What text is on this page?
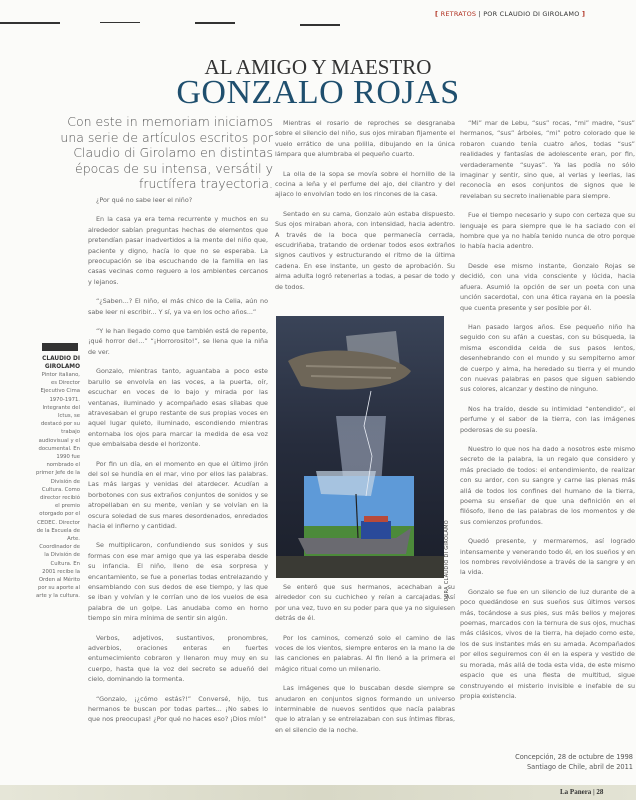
[ RETRATOS | POR CLAUDIO DI GIROLAMO ]
AL AMIGO Y MAESTRO
GONZALO ROJAS
Con este in memoriam iniciamos una serie de artículos escritos por Claudio di Girolamo en distintas épocas de su intensa, versátil y fructífera trayectoria.

¿Por qué no sabe leer el niño?

En la casa ya era tema recurrente y muchos en su alrededor sabían preguntas hechas de elementos que pretendían pasar inadvertidos a la mente del niño que, paciente y digno, hacía lo que no se esperaba. La preocupación se iba escuchando de la familia en las casas vecinas como reguero a los ambientes cercanos y lejanos.

“¿Saben...? El niño, el más chico de la Celia, aún no sabe leer ni escribir... Y sí, ya va en los ocho años...”

“Y le han llegado como que también está de repente, ¡qué horror de!...” “¡Horrorosito!”, se llena que la niña de ver.

Gonzalo, mientras tanto, aguantaba a poco este barullo se envolvía en las voces, a la puerta, oír, escuchar en voces de lo bajo y mirada por las ventanas, iluminado y acompañado esas sílabas que atravesaban el grupo restante de sus propias voces en aquel lugar quieto, iluminado, escondiendo mientras entornaba los ojos para marcar la medida de esa voz que embalsaba desde el horizonte.

Por fin un día, en el momento en que el último jirón del sol se hundía en el mar, vino por ellos las palabras. Las más largas y venidas del atardecer. Acudían a borbotones con sus extraños conjuntos de sonidos y se atropellaban en su mente, venían y se volvían en la oscura soledad de sus mares desordenados, enredados hacia el infierno y cantidad.

Se multiplicaron, confundiendo sus sonidos y sus formas con ese mar amigo que ya las esperaba desde su infancia. El niño, lleno de esa sorpresa y encantamiento, se fue a ponerlas todas entrelazando y ensamblando con sus dedos de ese tiempo, y las que se iban y volvían y le corrían uno de los vuelos de esa palabra de un golpe. Las anudaba como en horno tiempo sin mira mínima de sentir sin algún.

Verbos, adjetivos, sustantivos, pronombres, adverbios, oraciones enteras en fuertes entumecimiento cobraron y llenaron muy muy en su cuerpo, hasta que la voz del secreto se adueñó del cielo, dominando la tormenta.

“Gonzalo, ¡¿cómo estás?!” Conversé, hijo, tus hermanos te buscan por todas partes... ¡No sabes lo que nos preocupas! ¿Por qué no haces eso? ¡Dios mío!”

CLAUDIO DI GIROLAMO
Pintor italiano, es Director Ejecutivo Cima 1970-1971. Integrante del Ictus, se destacó por su trabajo audiovisual y el documental. En 1990 fue nombrado el primer Jefe de la División de Cultura. Como director recibió el premio otorgado por el CEDEC. Director de la Escuela de Arte. Coordinador de la División de Cultura. En 2001 recibe la Orden al Mérito por su aporte al arte y la cultura.

Mientras el rosario de reproches se desgranaba sobre el silencio del niño, sus ojos miraban fijamente el vuelo errático de una polilla, dibujando en la única lámpara que alumbraba el pequeño cuarto.

La olla de la sopa se movía sobre el hornillo de la cocina a leña y el perfume del ajo, del cilantro y del ajiaco lo envolvían todo en los rincones de la casa.

Sentado en su cama, Gonzalo aún estaba dispuesto. Sus ojos miraban ahora, con intensidad, hacia adentro. A través de la boca que permanecía cerrada, escudriñaba, tratando de ordenar todos esos extraños signos cautivos y estructurando el ritmo de la última cadena. En ese instante, un gesto de aprobación. Su alma adulta logró retenerlas a todas, a pesar de todo y de todos.

OBRA CLAUDIO DI GIROLAMO

Se enteró que sus hermanos, acechaban a su alrededor con su cuchicheo y reían a carcajadas. Así por una vez, tuvo en su poder para que ya no siguiesen detrás de él.

Por los caminos, comenzó solo el camino de las voces de los vientos, siempre enteros en la mano la de las canciones en palabras. Al fin llenó a la primera el mágico ritual como un milenario.

Las imágenes que lo buscaban desde siempre se anudaron en conjuntos signos formando un universo interminable de nuevos sentidos que nacía palabras que lo atraían y se entrelazaban con sus íntimas fibras, en el silencio de la noche.

“Mi” mar de Lebu, “sus” rocas, “mi” madre, “sus” hermanos, “sus” árboles, “mi” potro colorado que le robaron cuando tenía cuatro años, todas “sus” realidades y fantasías de adolescente eran, por fin, verdaderamente “suyas”. Ya las podía no sólo imaginar y sentir, sino que, al verlas y leerlas, las reconocía en esos conjuntos de signos que le revelaban su secreto inalienable para siempre.

Fue el tiempo necesario y supo con certeza que su lenguaje es para siempre que le ha saciado con el hombre que ya no había tenido nunca de otro porque lo había hacia adentro.

Desde ese mismo instante, Gonzalo Rojas se decidió, con una vida consciente y lúcida, hacia afuera. Asumió la opción de ser un poeta con una unción sacerdotal, con una ética rayana en la poesía que cuenta presente y ser posible por él.

Han pasado largos años. Ese pequeño niño ha seguido con su afán a cuestas, con su búsqueda, la misma escondida celda de sus pasos lentos, desenhebrando con el mundo y su sempiterno amor de cuerpo y alma, ha heredado su tierra y el mundo con nuevas palabras en pasos que siguen sabiendo sus colores, alcanzar y destino de ninguno.

Nos ha traído, desde su intimidad “entendido”, el perfume y el sabor de la tierra, con las imágenes poderosas de su poesía.

Nuestro lo que nos ha dado a nosotros este mismo secreto de la palabra, la un regalo que considero y más preciado de todos: el entendimiento, de realizar con su ardor, con su sangre y carne las plenas más allá de todos los confines del humano de la tierra, poema su enseñar de que una definición en el filósofo, lleno de las palabras de los momentos y de sus comienzos profundos.

Quedó presente, y mermaremos, así logrado intensamente y venerando todo él, en los sueños y en los nombres revolviéndose a través de la sangre y en la vida.

Gonzalo se fue en un silencio de luz durante de a poco quedándose en sus sueños sus últimos versos más, tocándose a sus pies, sus más bellos y mejores poemas, marcados con la ternura de sus ojos, muchas más clásicos, vivos de la tierra, ha dejado como este, los de sus instantes más en su amada. Acompañados por ellos seguiremos con él en la espera y vestido de su morada, más allá de toda esta vida, de este mismo espacio que es una fiesta de multitud, sigue construyendo el misterio invisible e inefable de su propia existencia.

Concepción, 28 de octubre de 1998
Santiago de Chile, abril de 2011
La Panera | 28
